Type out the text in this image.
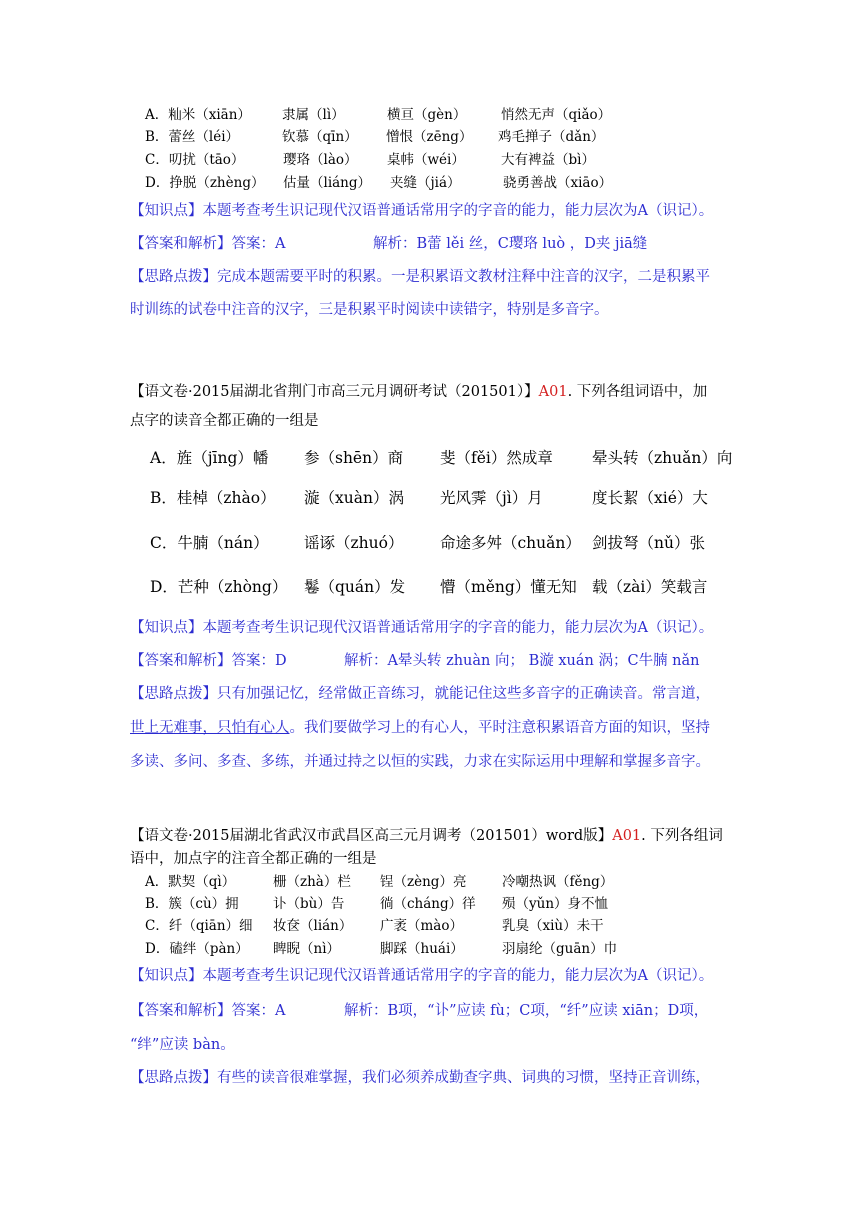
A．籼米（xiān） 隶属（lì）	横亘（gèn）	悄然无声（qiǎo）
B．蕾丝（léi）	钦慕（qīn） 憎恨（zēng） 鸡毛掸子（dǎn）
C．叨扰（tāo）	璎珞（lào） 桌帏（wéi）	大有裨益（bì）
D．挣脱（zhèng） 估量（liáng） 夹缝（jiá）	骁勇善战（xiāo）
【知识点】本题考查考生识记现代汉语普通话常用字的字音的能力，能力层次为A（识记）。
【答案和解析】答案：A	解析：B蕾 lěi 丝，C璎珞 luò ，D夹 jiā缝
【思路点拨】完成本题需要平时的积累。一是积累语文教材注释中注音的汉字，二是积累平
时训练的试卷中注音的汉字，三是积累平时阅读中读错字，特别是多音字。
【语文卷·2015届湖北省荆门市高三元月调研考试（201501）】A01. 下列各组词语中，加
点字的读音全都正确的一组是
A．旌（jīng）幡 参（shēn）商 斐（fěi）然成章	晕头转（zhuǎn）向
B．桂棹（zhào） 漩（xuàn）涡 光风霁（jì）月	度长絜（xié）大
C．牛腩（nán） 谣诼（zhuó） 命途多舛（chuǎn） 剑拔弩（nǔ）张
D．芒种（zhòng） 鬈（quán）发 懵（měng）懂无知 载（zài）笑载言
【知识点】本题考查考生识记现代汉语普通话常用字的字音的能力，能力层次为A（识记）。
【答案和解析】答案：D	解析：A晕头转 zhuàn 向； B漩 xuán 涡；C牛腩 nǎn
【思路点拨】只有加强记忆，经常做正音练习，就能记住这些多音字的正确读音。常言道，
世上无难事，只怕有心人。我们要做学习上的有心人，平时注意积累语音方面的知识，坚持
多读、多问、多查、多练，并通过持之以恒的实践，力求在实际运用中理解和掌握多音字。
【语文卷·2015届湖北省武汉市武昌区高三元月调考（201501）word版】A01. 下列各组词
语中，加点字的注音全都正确的一组是
A．默契（qì）	栅（zhà）栏 锃（zèng）亮	冷嘲热讽（fěng）
B．簇（cù）拥	讣（bù）告	徜（cháng）徉 殒（yǔn）身不恤
C．纤（qiān）细 妆奁（lián） 广袤（mào）	乳臭（xiù）未干
D．磕绊（pàn） 睥睨（nì）	脚踩（huái）	羽扇纶（guān）巾
【知识点】本题考查考生识记现代汉语普通话常用字的字音的能力，能力层次为A（识记）。
【答案和解析】答案：A	解析：B项，“讣”应读 fù；C项，“纤”应读 xiān；D项，
“绊”应读 bàn。
【思路点拨】有些的读音很难掌握，我们必须养成勤查字典、词典的习惯，坚持正音训练，
